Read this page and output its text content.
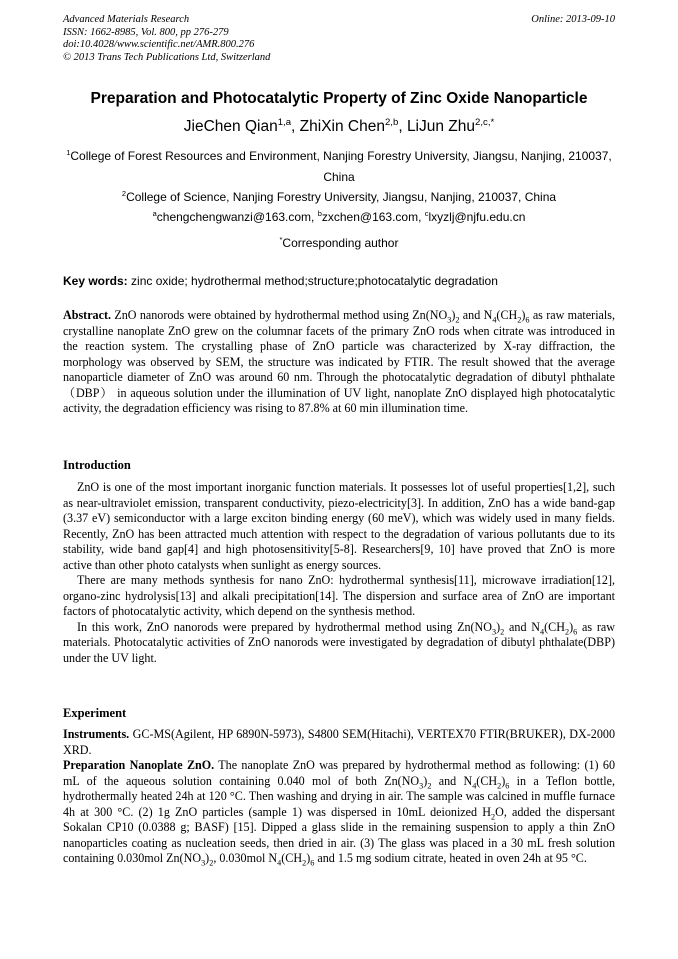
Advanced Materials Research
ISSN: 1662-8985, Vol. 800, pp 276-279
doi:10.4028/www.scientific.net/AMR.800.276
© 2013 Trans Tech Publications Ltd, Switzerland
Online: 2013-09-10
Preparation and Photocatalytic Property of Zinc Oxide Nanoparticle
JieChen Qian$^{1,a}$, ZhiXin Chen$^{2,b}$, LiJun Zhu$^{2,c,*}$
$^1$College of Forest Resources and Environment, Nanjing Forestry University, Jiangsu, Nanjing, 210037, China
$^2$College of Science, Nanjing Forestry University, Jiangsu, Nanjing, 210037, China
$^a$chengchengwanzi@163.com, $^b$zxchen@163.com, $^c$lxyzlj@njfu.edu.cn
*Corresponding author
Key words: zinc oxide; hydrothermal method;structure;photocatalytic degradation
Abstract. ZnO nanorods were obtained by hydrothermal method using $Zn(NO_3)_2$ and $N_4(CH_2)_6$ as raw materials, crystalline nanoplate ZnO grew on the columnar facets of the primary ZnO rods when citrate was introduced in the reaction system. The crystalling phase of ZnO particle was characterized by X-ray diffraction, the morphology was observed by SEM, the structure was indicated by FTIR. The result showed that the average nanoparticle diameter of ZnO was around 60 nm. Through the photocatalytic degradation of dibutyl phthalate（DBP） in aqueous solution under the illumination of UV light, nanoplate ZnO displayed high photocatalytic activity, the degradation efficiency was rising to 87.8% at 60 min illumination time.
Introduction

ZnO is one of the most important inorganic function materials. It possesses lot of useful properties[1,2], such as near-ultraviolet emission, transparent conductivity, piezo-electricity[3]. In addition, ZnO has a wide band-gap (3.37 eV) semiconductor with a large exciton binding energy (60 meV), which was widely used in many fields. Recently, ZnO has been attracted much attention with respect to the degradation of various pollutants due to its stability, wide band gap[4] and high photosensitivity[5-8]. Researchers[9, 10] have proved that ZnO is more active than other photo catalysts when sunlight as energy sources.

There are many methods synthesis for nano ZnO: hydrothermal synthesis[11], microwave irradiation[12], organo-zinc hydrolysis[13] and alkali precipitation[14]. The dispersion and surface area of ZnO are important factors of photocatalytic activity, which depend on the synthesis method.

In this work, ZnO nanorods were prepared by hydrothermal method using $Zn(NO_3)_2$ and $N_4(CH_2)_6$ as raw materials. Photocatalytic activities of ZnO nanorods were investigated by degradation of dibutyl phthalate(DBP) under the UV light.

Experiment

Instruments. GC-MS(Agilent, HP 6890N-5973), S4800 SEM(Hitachi), VERTEX70 FTIR(BRUKER), DX-2000 XRD.

Preparation Nanoplate ZnO. The nanoplate ZnO was prepared by hydrothermal method as following: (1) 60 mL of the aqueous solution containing 0.040 mol of both $Zn(NO_3)_2$ and $N_4(CH_2)_6$ in a Teflon bottle, hydrothermally heated 24h at 120 °C. Then washing and drying in air. The sample was calcined in muffle furnace 4h at 300 °C. (2) 1g ZnO particles (sample 1) was dispersed in 10mL deionized $H_2O$, added the dispersant Sokalan CP10 (0.0388 g; BASF) [15]. Dipped a glass slide in the remaining suspension to apply a thin ZnO nanoparticles coating as nucleation seeds, then dried in air. (3) The glass was placed in a 30 mL fresh solution containing 0.030mol $Zn(NO_3)_2$, 0.030mol $N_4(CH_2)_6$ and 1.5 mg sodium citrate, heated in oven 24h at 95 °C.
